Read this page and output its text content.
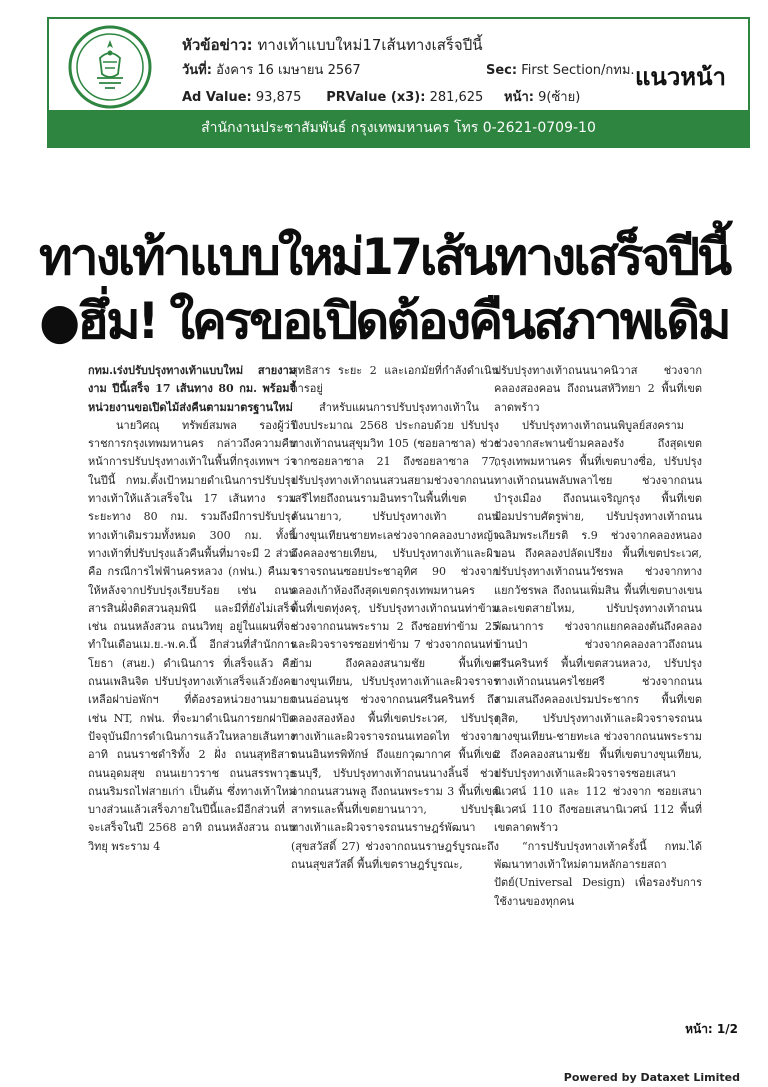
หัวข้อข่าว: ทางเท้าแบบใหม่17เส้นทางเสร็จปีนี้
วันที่: อังคาร 16 เมษายน 2567	Sec: First Section/กทม.
Ad Value: 93,875 PRValue (x3): 281,625 หน้า: 9(ซ้าย)
แนวหน้า
สำนักงานประชาสัมพันธ์ กรุงเทพมหานคร โทร 0-2621-0709-10
ทางเท้าแบบใหม่17เส้นทางเสร็จปีนี้
●ฮึ่ม! ใครขอเปิดต้องคืนสภาพเดิม

กทม.เร่งปรับปรุงทางเท้าแบบใหม่ สายงามงาม ปีนี้เสร็จ 17 เส้นทาง 80 กม. พร้อมจี้หน่วยงานขอเปิดไม้ส่งคืนตามมาตรฐานใหม่

นายวิศณุ ทรัพย์สมพล รองผู้ว่าราชการกรุงเทพมหานคร กล่าวถึงความคืบหน้าการปรับปรุงทางเท้าในพื้นที่กรุงเทพฯ ว่า ในปีนี้ กทม.ตั้งเป้าหมายดำเนินการปรับปรุงทางเท้าให้แล้วเสร็จใน 17 เส้นทาง รวมระยะทาง 80 กม. รวมถึงมีการปรับปรุงทางเท้าเดิมรวมทั้งหมด 300 กม. ทั้งนี้ ทางเท้าที่ปรับปรุงแล้วคืนพื้นที่มาจะมี 2 ส่วน คือ กรณีการไฟฟ้านครหลวง (กฟน.) คืนมาให้หลังจากปรับปรุงเรียบร้อย เช่น ถนนสารสินฝั่งติดสวนลุมพินี และมีที่ยังไม่เสร็จ เช่น ถนนหลังสวน ถนนวิทยุ อยู่ในแผนที่จะทำในเดือนเม.ย.-พ.ค.นี้ อีกส่วนที่สำนักการโยธา (สนย.) ดำเนินการ ที่เสร็จแล้ว คือ ถนนเพลินจิต ปรับปรุงทางเท้าเสร็จแล้วยังคงเหลือฝาบ่อพักฯ ที่ต้องรอหน่วยงานมายก เช่น NT, กฟน. ที่จะมาดำเนินการยกฝาปิด ปัจจุบันมีการดำเนินการแล้วในหลายเส้นทาง อาทิ ถนนราชดำริทั้ง 2 ฝั่ง ถนนสุทธิสาร ถนนอุดมสุข ถนนเยาวราช ถนนสรรพาวุธ ถนนริมรถไฟสายเก่า เป็นต้น ซึ่งทางเท้าใหม่บางส่วนแล้วเสร็จภายในปีนี้และมีอีกส่วนที่จะเสร็จในปี 2568 อาทิ ถนนหลังสวน ถนนวิทยุ พระราม 4

สุทธิสาร ระยะ 2 และเอกมัยที่กำลังดำเนินการอยู่

สำหรับแผนการปรับปรุงทางเท้าในปีงบประมาณ 2568 ประกอบด้วย ปรับปรุงทางเท้าถนนสุขุมวิท 105 (ซอยลาซาล) ช่วงจากซอยลาซาล 21 ถึงซอยลาซาล 77, ปรับปรุงทางเท้าถนนสวนสยามช่วงจากถนนเสรีไทยถึงถนนรามอินทราในพื้นที่เขตคันนายาว, ปรับปรุงทางเท้า ถนนบางขุนเทียนชายทะเลช่วงจากคลองบางหญ้าถึงคลองชายเทียน, ปรับปรุงทางเท้าและผิวจราจรถนนซอยประชาอุทิศ 90 ช่วงจากคลองเก้าห้องถึงสุดเขตกรุงเทพมหานคร พื้นที่เขตทุ่งครุ, ปรับปรุงทางเท้าถนนท่าข้าม ช่วงจากถนนพระราม 2 ถึงซอยท่าข้าม 25 และผิวจราจรซอยท่าข้าม 7 ช่วงจากถนนท่าข้าม ถึงคลองสนามชัย พื้นที่เขตบางขุนเทียน, ปรับปรุงทางเท้าและผิวจราจรถนนอ่อนนุช ช่วงจากถนนศรีนครินทร์ ถึงคลองสองห้อง พื้นที่เขตประเวศ, ปรับปรุงทางเท้าและผิวจราจรถนนเทอดไท ช่วงจากถนนอินทรพิทักษ์ ถึงแยกวุฒากาศ พื้นที่เขตธนบุรี, ปรับปรุงทางเท้าถนนนางลิ้นจี่ ช่วงจากถนนสวนพลู ถึงถนนพระราม 3 พื้นที่เขตสาทรและพื้นที่เขตยานนาวา, ปรับปรุงทางเท้าและผิวจราจรถนนราษฎร์พัฒนา (สุขสวัสดิ์ 27) ช่วงจากถนนราษฎร์บูรณะถึงถนนสุขสวัสดิ์ พื้นที่เขตราษฎร์บูรณะ,

ปรับปรุงทางเท้าถนนนาคนิวาส ช่วงจากคลองสองคอน ถึงถนนสหัวิทยา 2 พื้นที่เขตลาดพร้าว

ปรับปรุงทางเท้าถนนพิบูลย์สงคราม ช่วงจากสะพานข้ามคลองรัง ถึงสุดเขตกรุงเทพมหานคร พื้นที่เขตบางซื่อ, ปรับปรุงทางเท้าถนนพลับพลาไชย ช่วงจากถนนบำรุงเมือง ถึงถนนเจริญกรุง พื้นที่เขตป้อมปราบศัตรูพ่าย, ปรับปรุงทางเท้าถนนเฉลิมพระเกียรติ ร.9 ช่วงจากคลองหนองบอน ถึงคลองปลัดเปรียง พื้นที่เขตประเวศ, ปรับปรุงทางเท้าถนนวัชรพล ช่วงจากทางแยกวัชรพล ถึงถนนเพิ่มสิน พื้นที่เขตบางเขนและเขตสายไหม, ปรับปรุงทางเท้าถนนพัฒนาการ ช่วงจากแยกคลองตันถึงคลองบ้านป่า ช่วงจากคลองลาวถึงถนนศรีนครินทร์ พื้นที่เขตสวนหลวง, ปรับปรุงทางเท้าถนนนครไชยศรี ช่วงจากถนนสามเสนถึงคลองเปรมประชากร พื้นที่เขตดุสิต, ปรับปรุงทางเท้าและผิวจราจรถนนบางขุนเทียน-ชายทะเล ช่วงจากถนนพระราม 2 ถึงคลองสนามชัย พื้นที่เขตบางขุนเทียน, ปรับปรุงทางเท้าและผิวจราจรซอยเสนานิเวศน์ 110 และ 112 ช่วงจาก ซอยเสนานิเวศน์ 110 ถึงซอยเสนานิเวศน์ 112 พื้นที่เขตลาดพร้าว

“การปรับปรุงทางเท้าครั้งนี้ กทม.ได้พัฒนาทางเท้าใหม่ตามหลักอารยสถาปัตย์(Universal Design) เพื่อรองรับการใช้งานของทุกคน

หน้า: 1/2
Powered by Dataxet Limited
